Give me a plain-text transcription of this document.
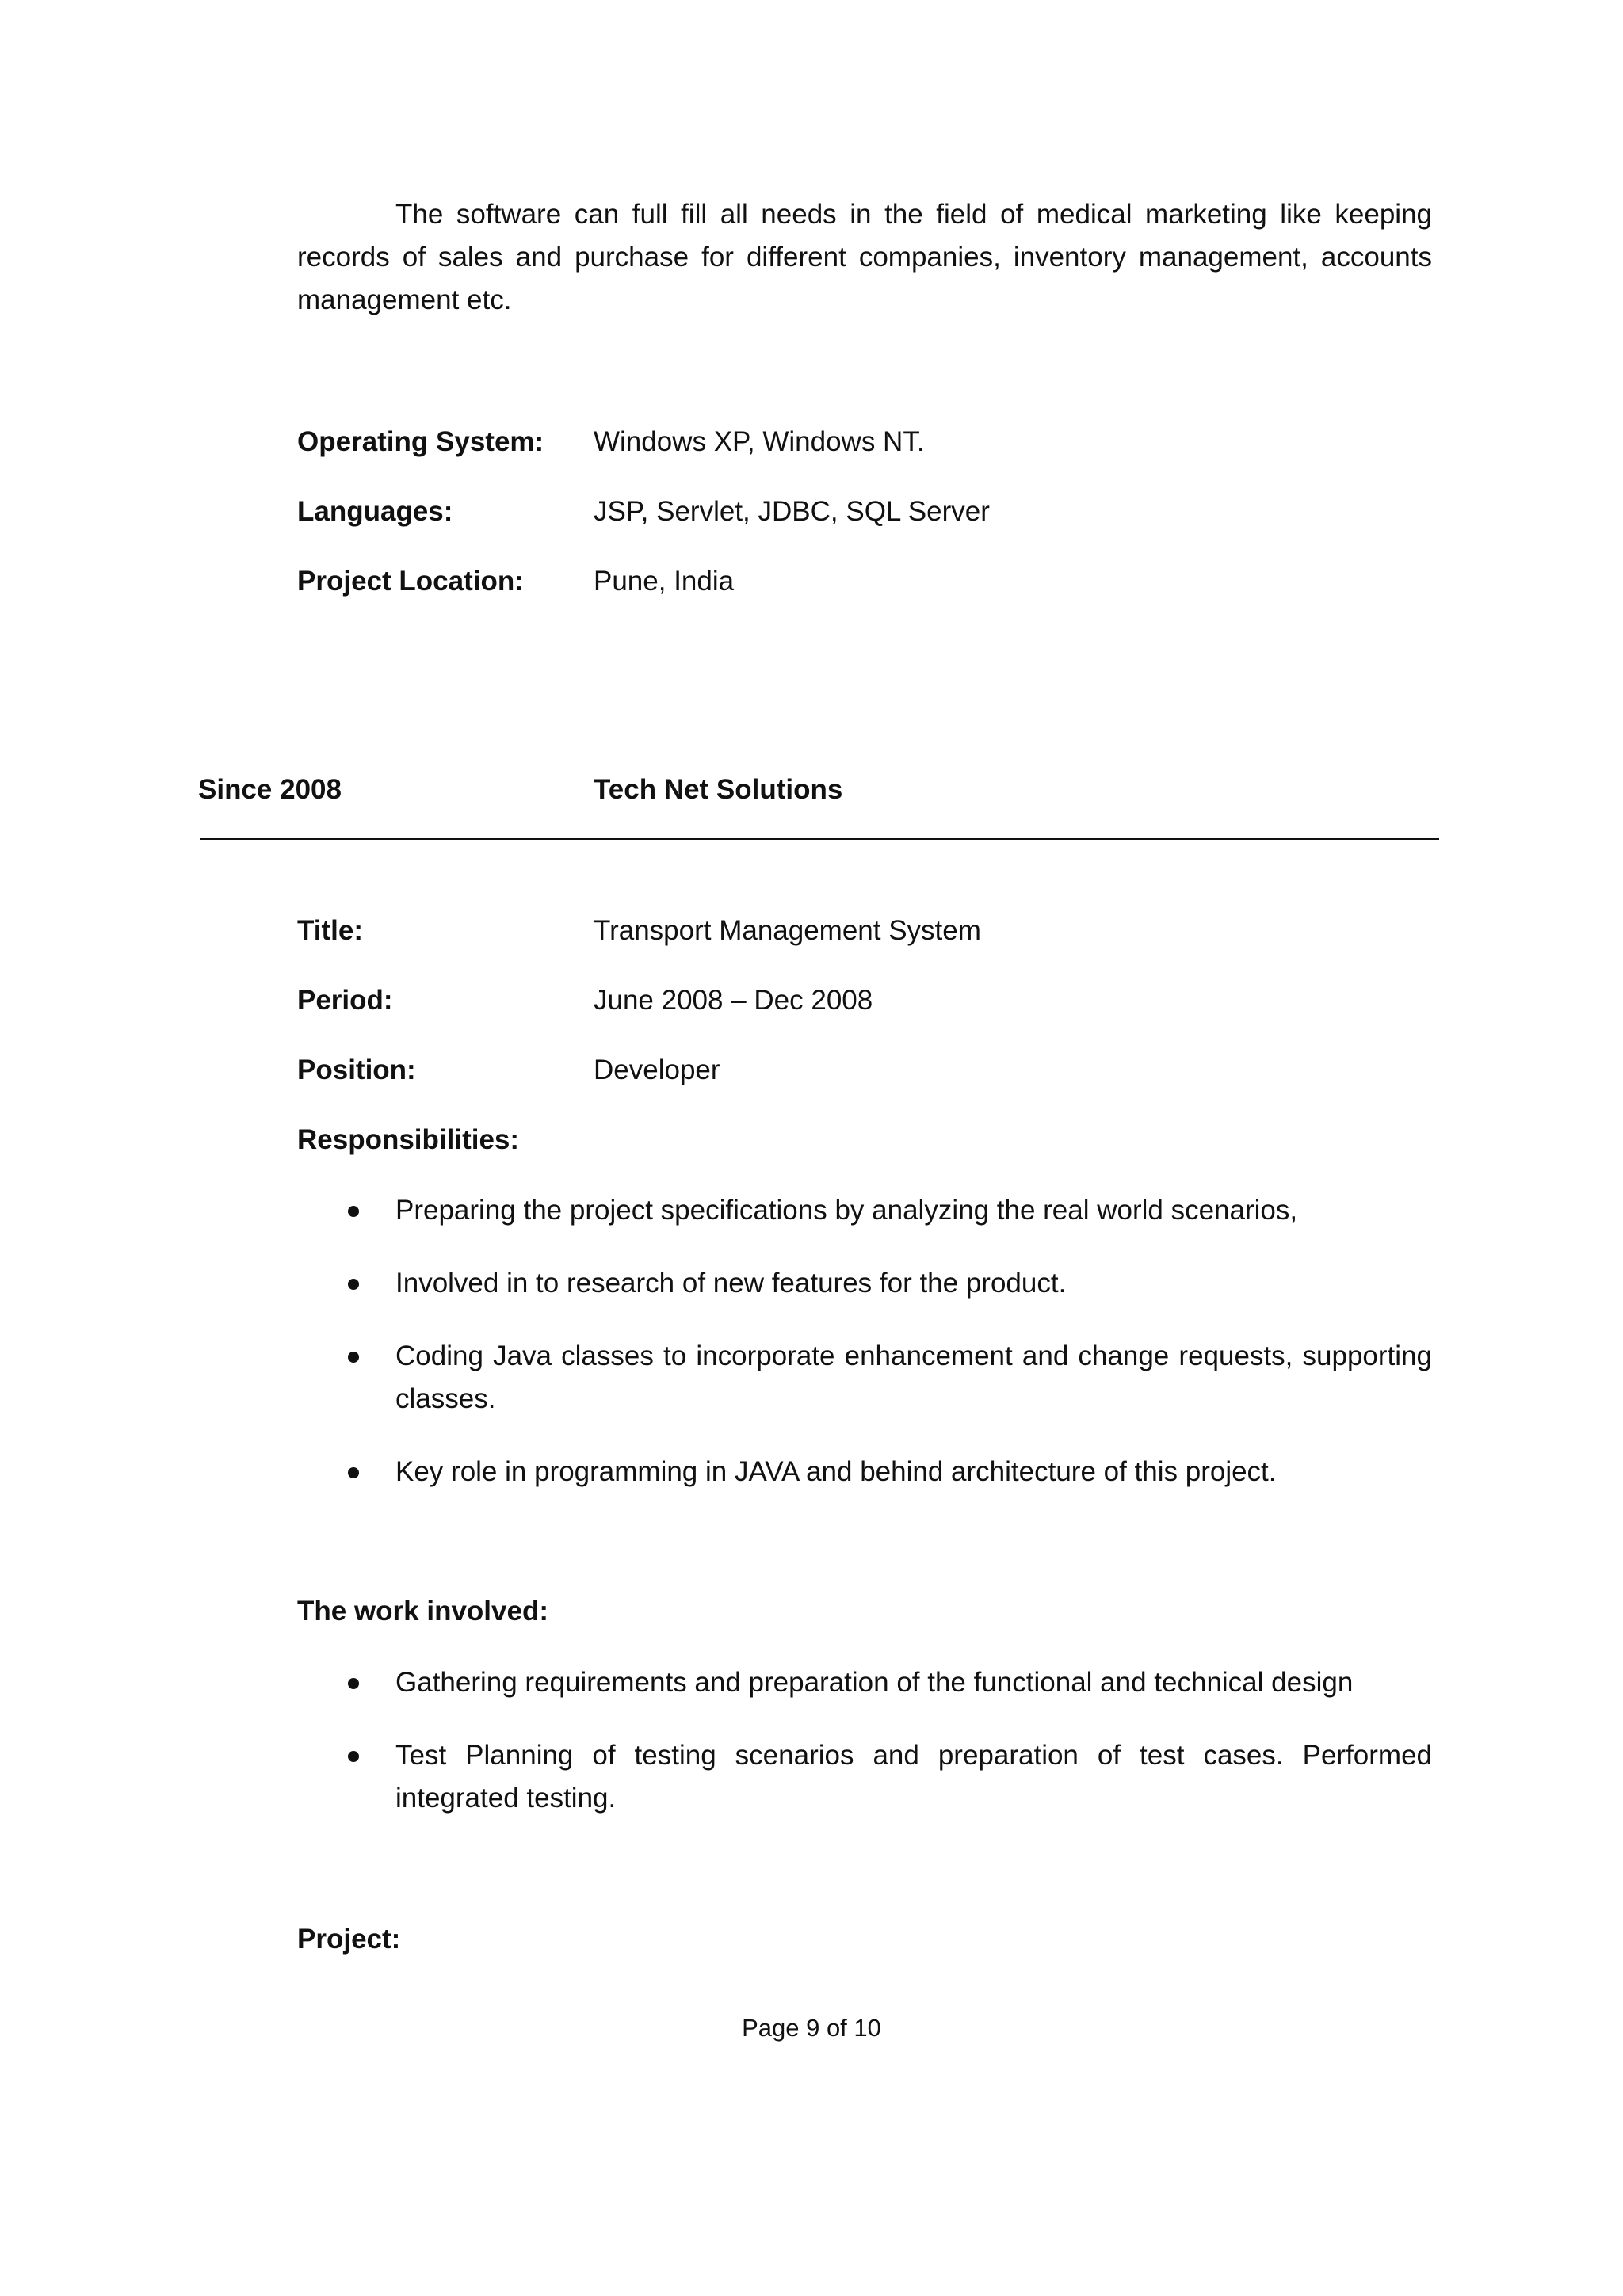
The software can full fill all needs in the field of medical marketing like keeping records of sales and purchase for different companies, inventory management, accounts management etc.

Operating System: Windows XP, Windows NT.
Languages:	JSP, Servlet, JDBC, SQL Server
Project Location:	Pune, India
Since 2008	Tech Net Solutions
Title:	Transport Management System
Period:	June 2008 – Dec 2008
Position:	Developer
Responsibilities:
Preparing the project specifications by analyzing the real world scenarios,
Involved in to research of new features for the product.
Coding Java classes to incorporate enhancement and change requests, supporting classes.
Key role in programming in JAVA and behind architecture of this project.
The work involved:
Gathering requirements and preparation of the functional and technical design
Test Planning of testing scenarios and preparation of test cases. Performed integrated testing.
Project:
Page 9 of 10
